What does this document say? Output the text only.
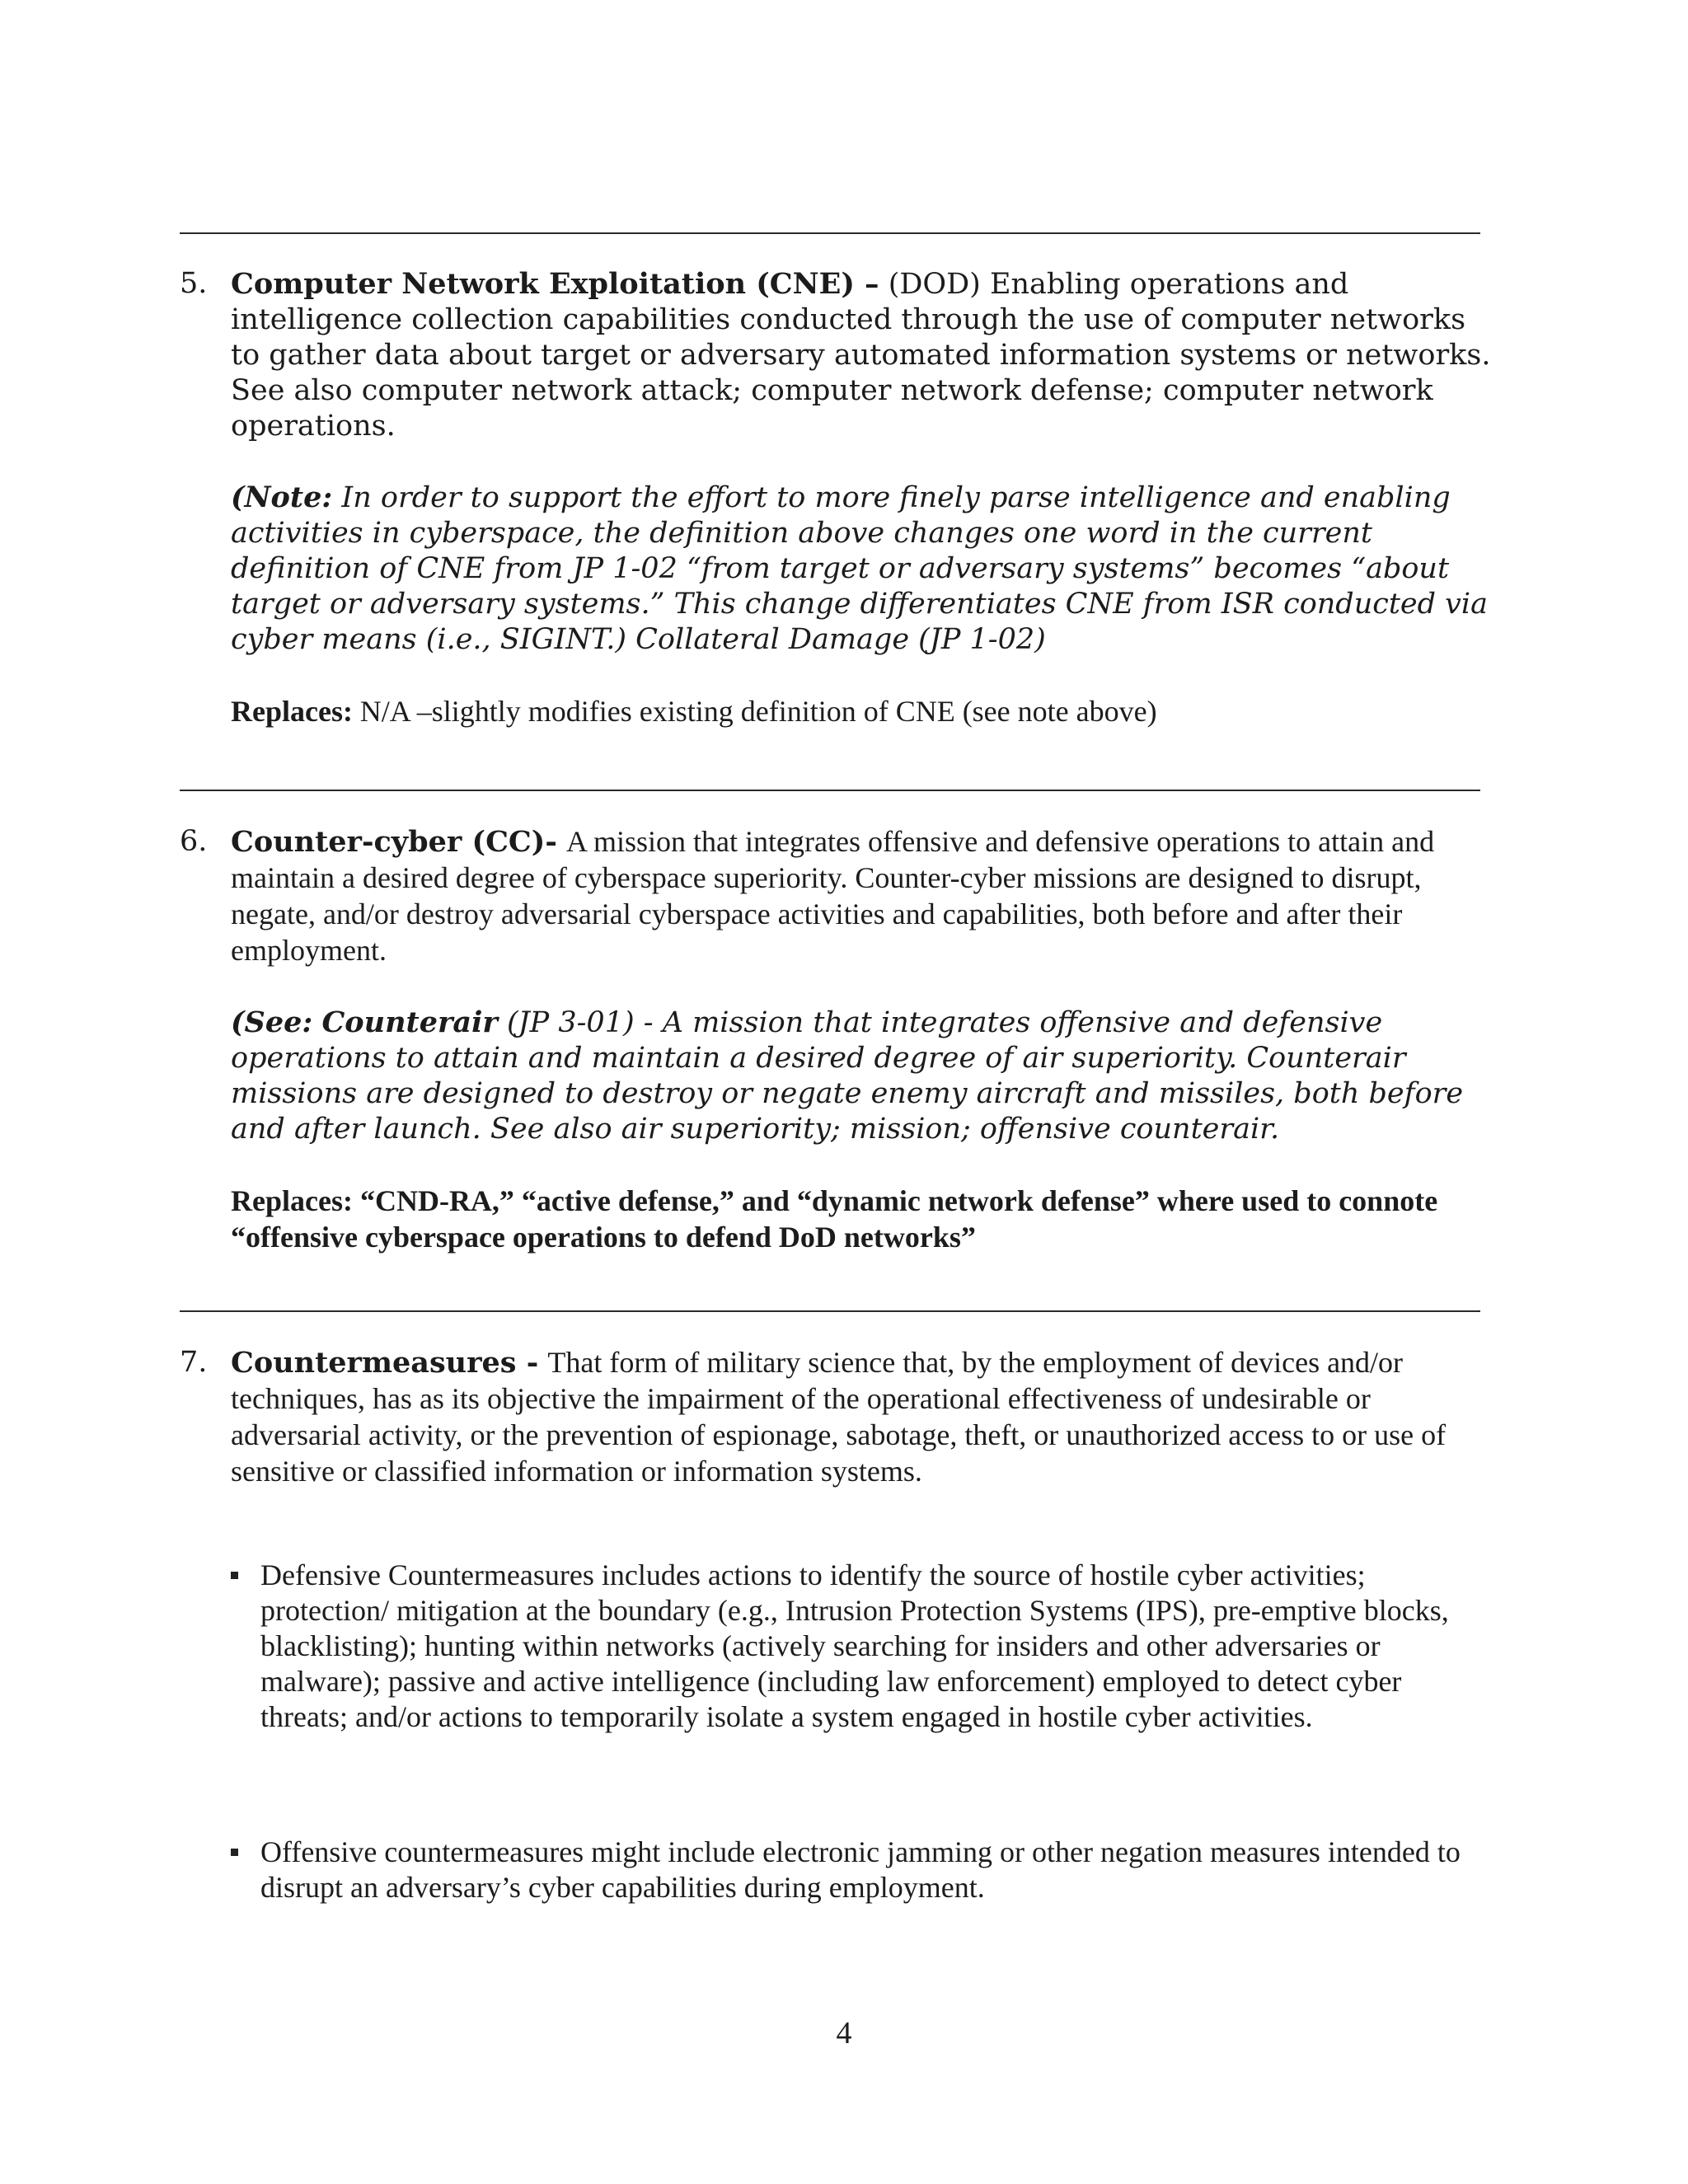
5. Computer Network Exploitation (CNE) – (DOD) Enabling operations and intelligence collection capabilities conducted through the use of computer networks to gather data about target or adversary automated information systems or networks. See also computer network attack; computer network defense; computer network operations.

(Note: In order to support the effort to more finely parse intelligence and enabling activities in cyberspace, the definition above changes one word in the current definition of CNE from JP 1-02 “from target or adversary systems” becomes “about target or adversary systems.” This change differentiates CNE from ISR conducted via cyber means (i.e., SIGINT.) Collateral Damage (JP 1-02)

Replaces: N/A –slightly modifies existing definition of CNE (see note above)

6. Counter-cyber (CC)- A mission that integrates offensive and defensive operations to attain and maintain a desired degree of cyberspace superiority. Counter-cyber missions are designed to disrupt, negate, and/or destroy adversarial cyberspace activities and capabilities, both before and after their employment.

(See: Counterair (JP 3-01) - A mission that integrates offensive and defensive operations to attain and maintain a desired degree of air superiority. Counterair missions are designed to destroy or negate enemy aircraft and missiles, both before and after launch. See also air superiority; mission; offensive counterair.

Replaces: “CND-RA,” “active defense,” and “dynamic network defense” where used to connote “offensive cyberspace operations to defend DoD networks”

7. Countermeasures - That form of military science that, by the employment of devices and/or techniques, has as its objective the impairment of the operational effectiveness of undesirable or adversarial activity, or the prevention of espionage, sabotage, theft, or unauthorized access to or use of sensitive or classified information or information systems.

Defensive Countermeasures includes actions to identify the source of hostile cyber activities; protection/ mitigation at the boundary (e.g., Intrusion Protection Systems (IPS), pre-emptive blocks, blacklisting); hunting within networks (actively searching for insiders and other adversaries or malware); passive and active intelligence (including law enforcement) employed to detect cyber threats; and/or actions to temporarily isolate a system engaged in hostile cyber activities.

Offensive countermeasures might include electronic jamming or other negation measures intended to disrupt an adversary’s cyber capabilities during employment.

4
